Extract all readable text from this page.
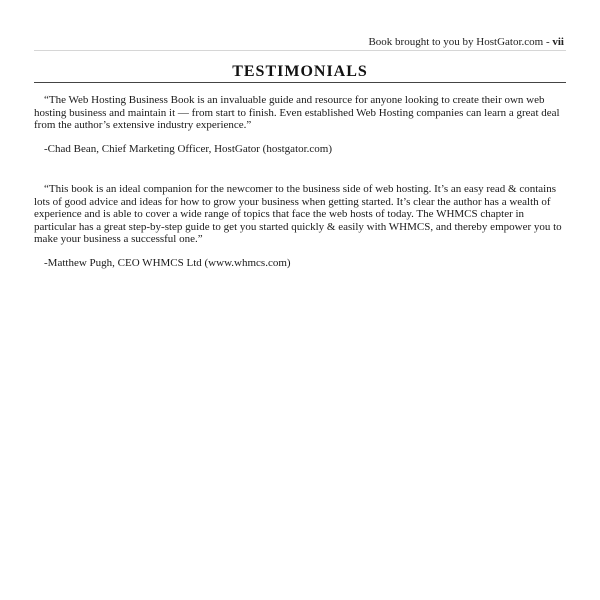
Book brought to you by HostGator.com - vii
TESTIMONIALS

“The Web Hosting Business Book is an invaluable guide and resource for anyone looking to create their own web hosting business and maintain it — from start to finish. Even established Web Hosting companies can learn a great deal from the author’s extensive industry experience.”

-Chad Bean, Chief Marketing Officer, HostGator (hostgator.com)

“This book is an ideal companion for the newcomer to the business side of web hosting. It’s an easy read & contains lots of good advice and ideas for how to grow your business when getting started. It’s clear the author has a wealth of experience and is able to cover a wide range of topics that face the web hosts of today. The WHMCS chapter in particular has a great step-by-step guide to get you started quickly & easily with WHMCS, and thereby empower you to make your business a successful one.”

-Matthew Pugh, CEO WHMCS Ltd (www.whmcs.com)
